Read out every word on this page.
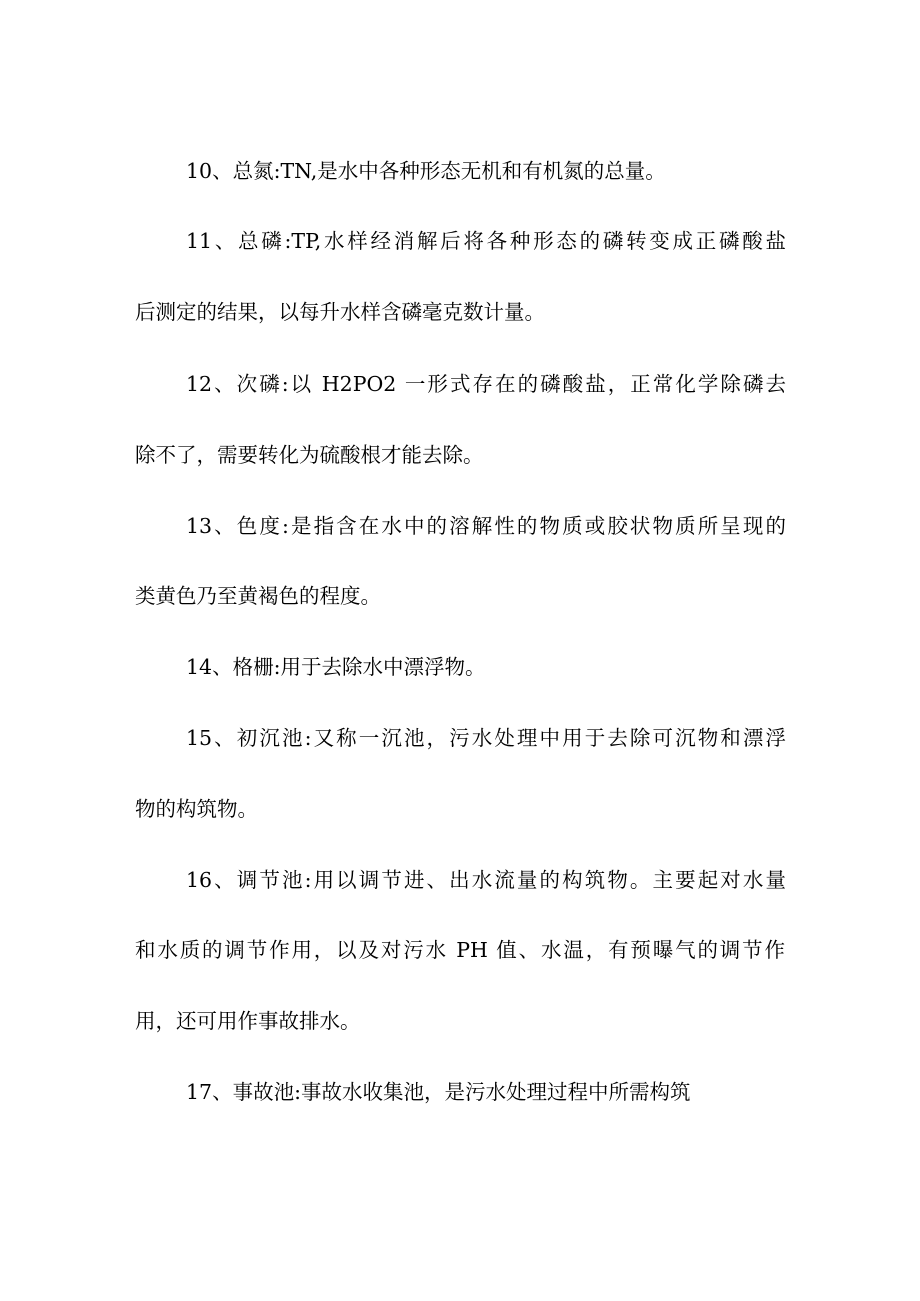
10、总氮:TN,是水中各种形态无机和有机氮的总量。
11、总磷:TP,水样经消解后将各种形态的磷转变成正磷酸盐
后测定的结果，以每升水样含磷毫克数计量。
12、次磷:以 H2PO2 一形式存在的磷酸盐，正常化学除磷去
除不了，需要转化为硫酸根才能去除。
13、色度:是指含在水中的溶解性的物质或胶状物质所呈现的
类黄色乃至黄褐色的程度。
14、格栅:用于去除水中漂浮物。
15、初沉池:又称一沉池，污水处理中用于去除可沉物和漂浮
物的构筑物。
16、调节池:用以调节进、出水流量的构筑物。主要起对水量
和水质的调节作用，以及对污水 PH 值、水温，有预曝气的调节作
用，还可用作事故排水。
17、事故池:事故水收集池，是污水处理过程中所需构筑
